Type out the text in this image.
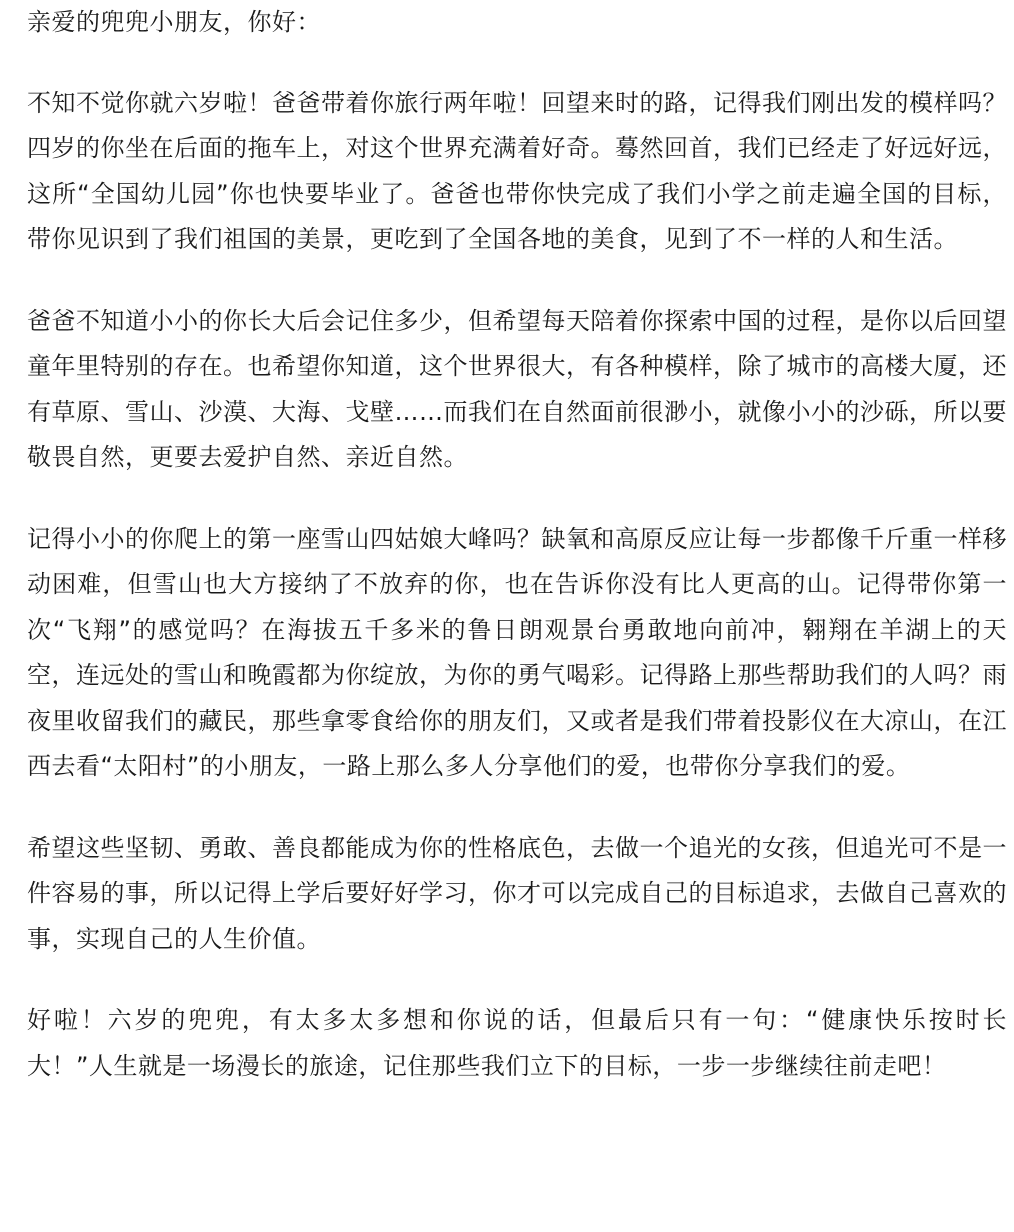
亲爱的兜兜小朋友，你好：

不知不觉你就六岁啦！爸爸带着你旅行两年啦！回望来时的路，记得我们刚出发的模样吗？四岁的你坐在后面的拖车上，对这个世界充满着好奇。蓦然回首，我们已经走了好远好远，这所“全国幼儿园”你也快要毕业了。爸爸也带你快完成了我们小学之前走遍全国的目标，带你见识到了我们祖国的美景，更吃到了全国各地的美食，见到了不一样的人和生活。

爸爸不知道小小的你长大后会记住多少，但希望每天陪着你探索中国的过程，是你以后回望童年里特别的存在。也希望你知道，这个世界很大，有各种模样，除了城市的高楼大厦，还有草原、雪山、沙漠、大海、戈壁……而我们在自然面前很渺小，就像小小的沙砾，所以要敬畏自然，更要去爱护自然、亲近自然。

记得小小的你爬上的第一座雪山四姑娘大峰吗？缺氧和高原反应让每一步都像千斤重一样移动困难，但雪山也大方接纳了不放弃的你，也在告诉你没有比人更高的山。记得带你第一次“飞翔”的感觉吗？在海拔五千多米的鲁日朗观景台勇敢地向前冲，翱翔在羊湖上的天空，连远处的雪山和晚霞都为你绽放，为你的勇气喝彩。记得路上那些帮助我们的人吗？雨夜里收留我们的藏民，那些拿零食给你的朋友们，又或者是我们带着投影仪在大凉山，在江西去看“太阳村”的小朋友，一路上那么多人分享他们的爱，也带你分享我们的爱。

希望这些坚韧、勇敢、善良都能成为你的性格底色，去做一个追光的女孩，但追光可不是一件容易的事，所以记得上学后要好好学习，你才可以完成自己的目标追求，去做自己喜欢的事，实现自己的人生价值。

好啦！六岁的兜兜，有太多太多想和你说的话，但最后只有一句：“健康快乐按时长大！”人生就是一场漫长的旅途，记住那些我们立下的目标，一步一步继续往前走吧！
